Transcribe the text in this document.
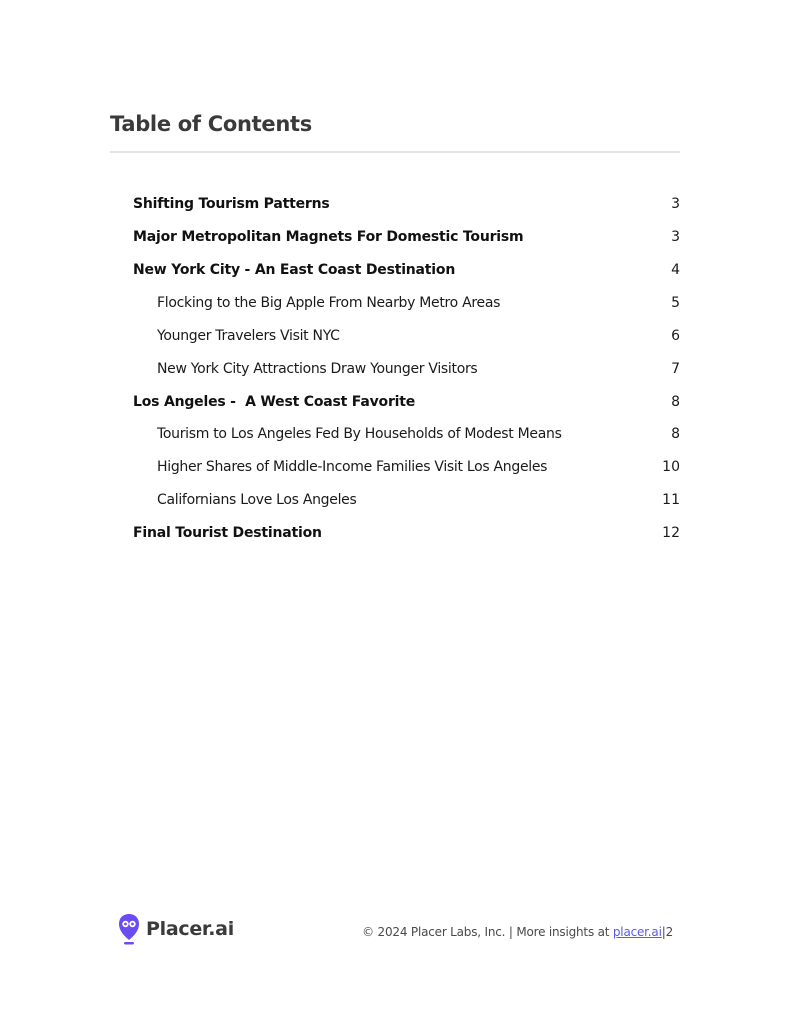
Table of Contents
Shifting Tourism Patterns	3
Major Metropolitan Magnets For Domestic Tourism	3
New York City - An East Coast Destination	4
Flocking to the Big Apple From Nearby Metro Areas	5
Younger Travelers Visit NYC	6
New York City Attractions Draw Younger Visitors	7
Los Angeles -  A West Coast Favorite	8
Tourism to Los Angeles Fed By Households of Modest Means	8
Higher Shares of Middle-Income Families Visit Los Angeles	10
Californians Love Los Angeles	11
Final Tourist Destination	12
Placer.ai	© 2024 Placer Labs, Inc. | More insights at placer.ai|2
